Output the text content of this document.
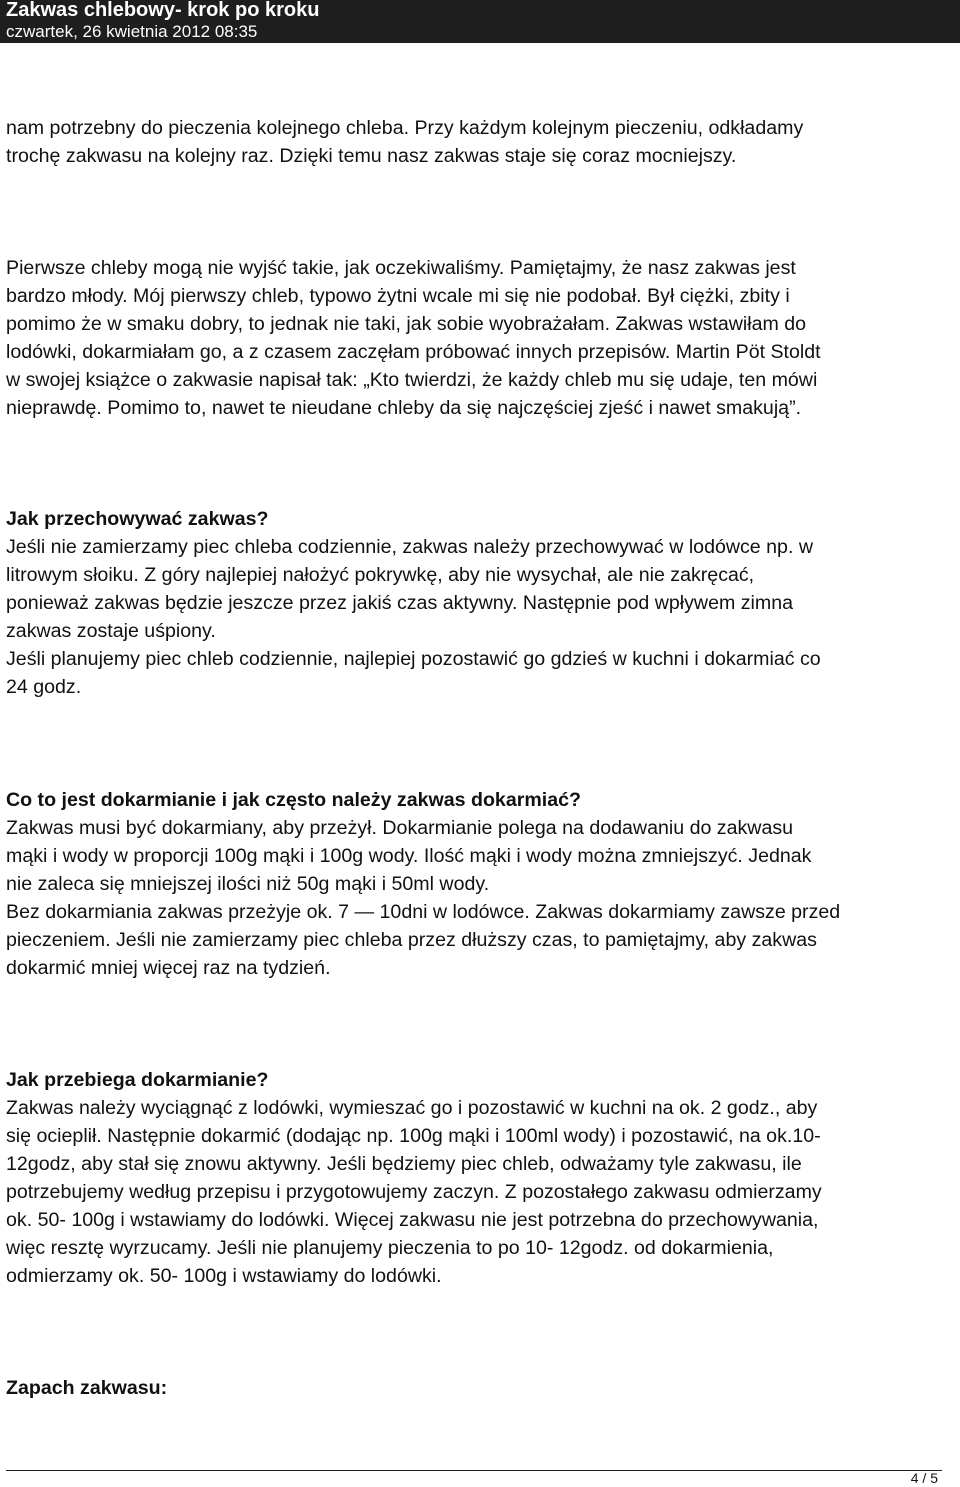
Zakwas chlebowy- krok po kroku
czwartek, 26 kwietnia 2012 08:35
nam potrzebny do pieczenia kolejnego chleba. Przy każdym kolejnym pieczeniu, odkładamy
trochę zakwasu na kolejny raz. Dzięki temu nasz zakwas staje się coraz mocniejszy.
Pierwsze chleby mogą nie wyjść takie, jak oczekiwaliśmy. Pamiętajmy, że nasz zakwas jest
bardzo młody. Mój pierwszy chleb, typowo żytni wcale mi się nie podobał. Był ciężki, zbity i
pomimo że w smaku dobry, to jednak nie taki, jak sobie wyobrażałam. Zakwas wstawiłam do
lodówki, dokarmiałam go, a z czasem zaczęłam próbować innych przepisów. Martin Pöt Stoldt
w swojej książce o zakwasie napisał tak: „Kto twierdzi, że każdy chleb mu się udaje, ten mówi
nieprawdę. Pomimo to, nawet te nieudane chleby da się najczęściej zjeść i nawet smakują”.
Jak przechowywać zakwas?
Jeśli nie zamierzamy piec chleba codziennie, zakwas należy przechowywać w lodówce np. w
litrowym słoiku. Z góry najlepiej nałożyć pokrywkę, aby nie wysychał, ale nie zakręcać,
ponieważ zakwas będzie jeszcze przez jakiś czas aktywny. Następnie pod wpływem zimna
zakwas zostaje uśpiony.
Jeśli planujemy piec chleb codziennie, najlepiej pozostawić go gdzieś w kuchni i dokarmiać co
24 godz.
Co to jest dokarmianie i jak często należy zakwas dokarmiać?
Zakwas musi być dokarmiany, aby przeżył. Dokarmianie polega na dodawaniu do zakwasu
mąki i wody w proporcji 100g mąki i 100g wody. Ilość mąki i wody można zmniejszyć. Jednak
nie zaleca się mniejszej ilości niż 50g mąki i 50ml wody.
Bez dokarmiania zakwas przeżyje ok. 7 — 10dni w lodówce. Zakwas dokarmiamy zawsze przed
pieczeniem. Jeśli nie zamierzamy piec chleba przez dłuższy czas, to pamiętajmy, aby zakwas
dokarmić mniej więcej raz na tydzień.
Jak przebiega dokarmianie?
Zakwas należy wyciągnąć z lodówki, wymieszać go i pozostawić w kuchni na ok. 2 godz., aby
się ocieplił. Następnie dokarmić (dodając np. 100g mąki i 100ml wody) i pozostawić, na ok.10-
12godz, aby stał się znowu aktywny. Jeśli będziemy piec chleb, odważamy tyle zakwasu, ile
potrzebujemy według przepisu i przygotowujemy zaczyn. Z pozostałego zakwasu odmierzamy
ok. 50- 100g i wstawiamy do lodówki. Więcej zakwasu nie jest potrzebna do przechowywania,
więc resztę wyrzucamy. Jeśli nie planujemy pieczenia to po 10- 12godz. od dokarmienia,
odmierzamy ok. 50- 100g i wstawiamy do lodówki.
Zapach zakwasu:
4 / 5
